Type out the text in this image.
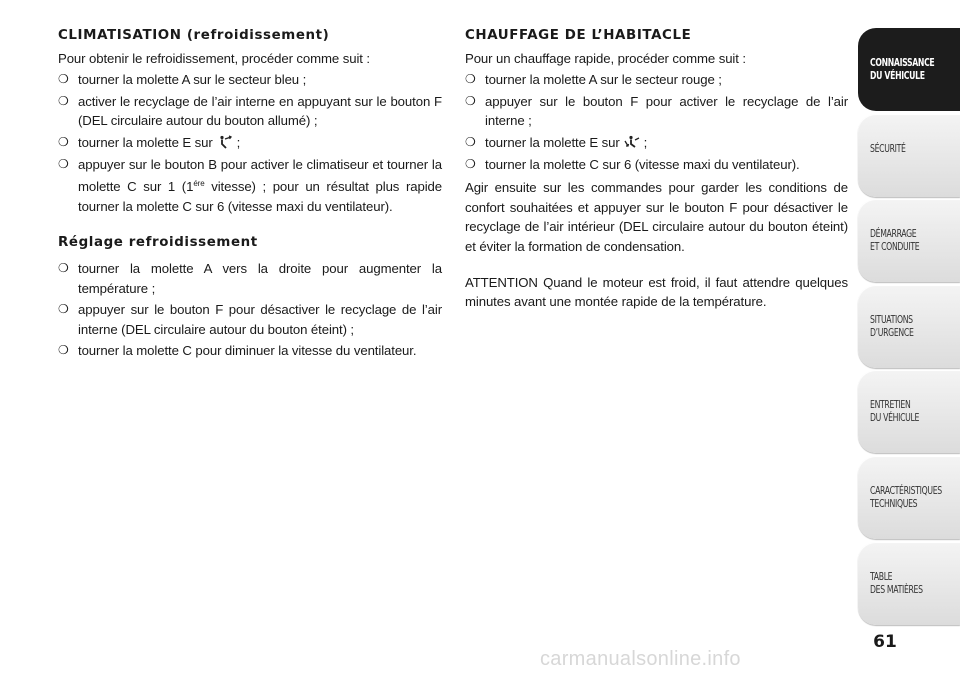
CLIMATISATION (refroidissement)

Pour obtenir le refroidissement, procéder comme suit :

❍ tourner la molette A sur le secteur bleu ;
❍ activer le recyclage de l’air interne en appuyant sur le bouton F (DEL circulaire autour du bouton allumé) ;
❍ tourner la molette E sur ;
❍ appuyer sur le bouton B pour activer le climatiseur et tourner la molette C sur 1 ($1^{ére}$ vitesse) ; pour un résultat plus rapide tourner la molette C sur 6 (vitesse maxi du ventilateur).
Réglage refroidissement
❍ tourner la molette A vers la droite pour augmenter la température ;
❍ appuyer sur le bouton F pour désactiver le recyclage de l’air interne (DEL circulaire autour du bouton éteint) ;
❍ tourner la molette C pour diminuer la vitesse du ventilateur.
CHAUFFAGE DE L’HABITACLE

Pour un chauffage rapide, procéder comme suit :

❍ tourner la molette A sur le secteur rouge ;
❍ appuyer sur le bouton F pour activer le recyclage de l’air interne ;
❍ tourner la molette E sur ;
❍ tourner la molette C sur 6 (vitesse maxi du ventilateur).

Agir ensuite sur les commandes pour garder les conditions de confort souhaitées et appuyer sur le bouton F pour désactiver le recyclage de l’air intérieur (DEL circulaire autour du bouton éteint) et éviter la formation de condensation.

ATTENTION Quand le moteur est froid, il faut attendre quelques minutes avant une montée rapide de la température.

CONNAISSANCE
DU VÉHICULE
SÉCURITÉ
DÉMARRAGE
ET CONDUITE
SITUATIONS
D’URGENCE
ENTRETIEN
DU VÉHICULE
CARACTÉRISTIQUES
TECHNIQUES
TABLE
DES MATIÈRES
61
carmanualsonline.info
